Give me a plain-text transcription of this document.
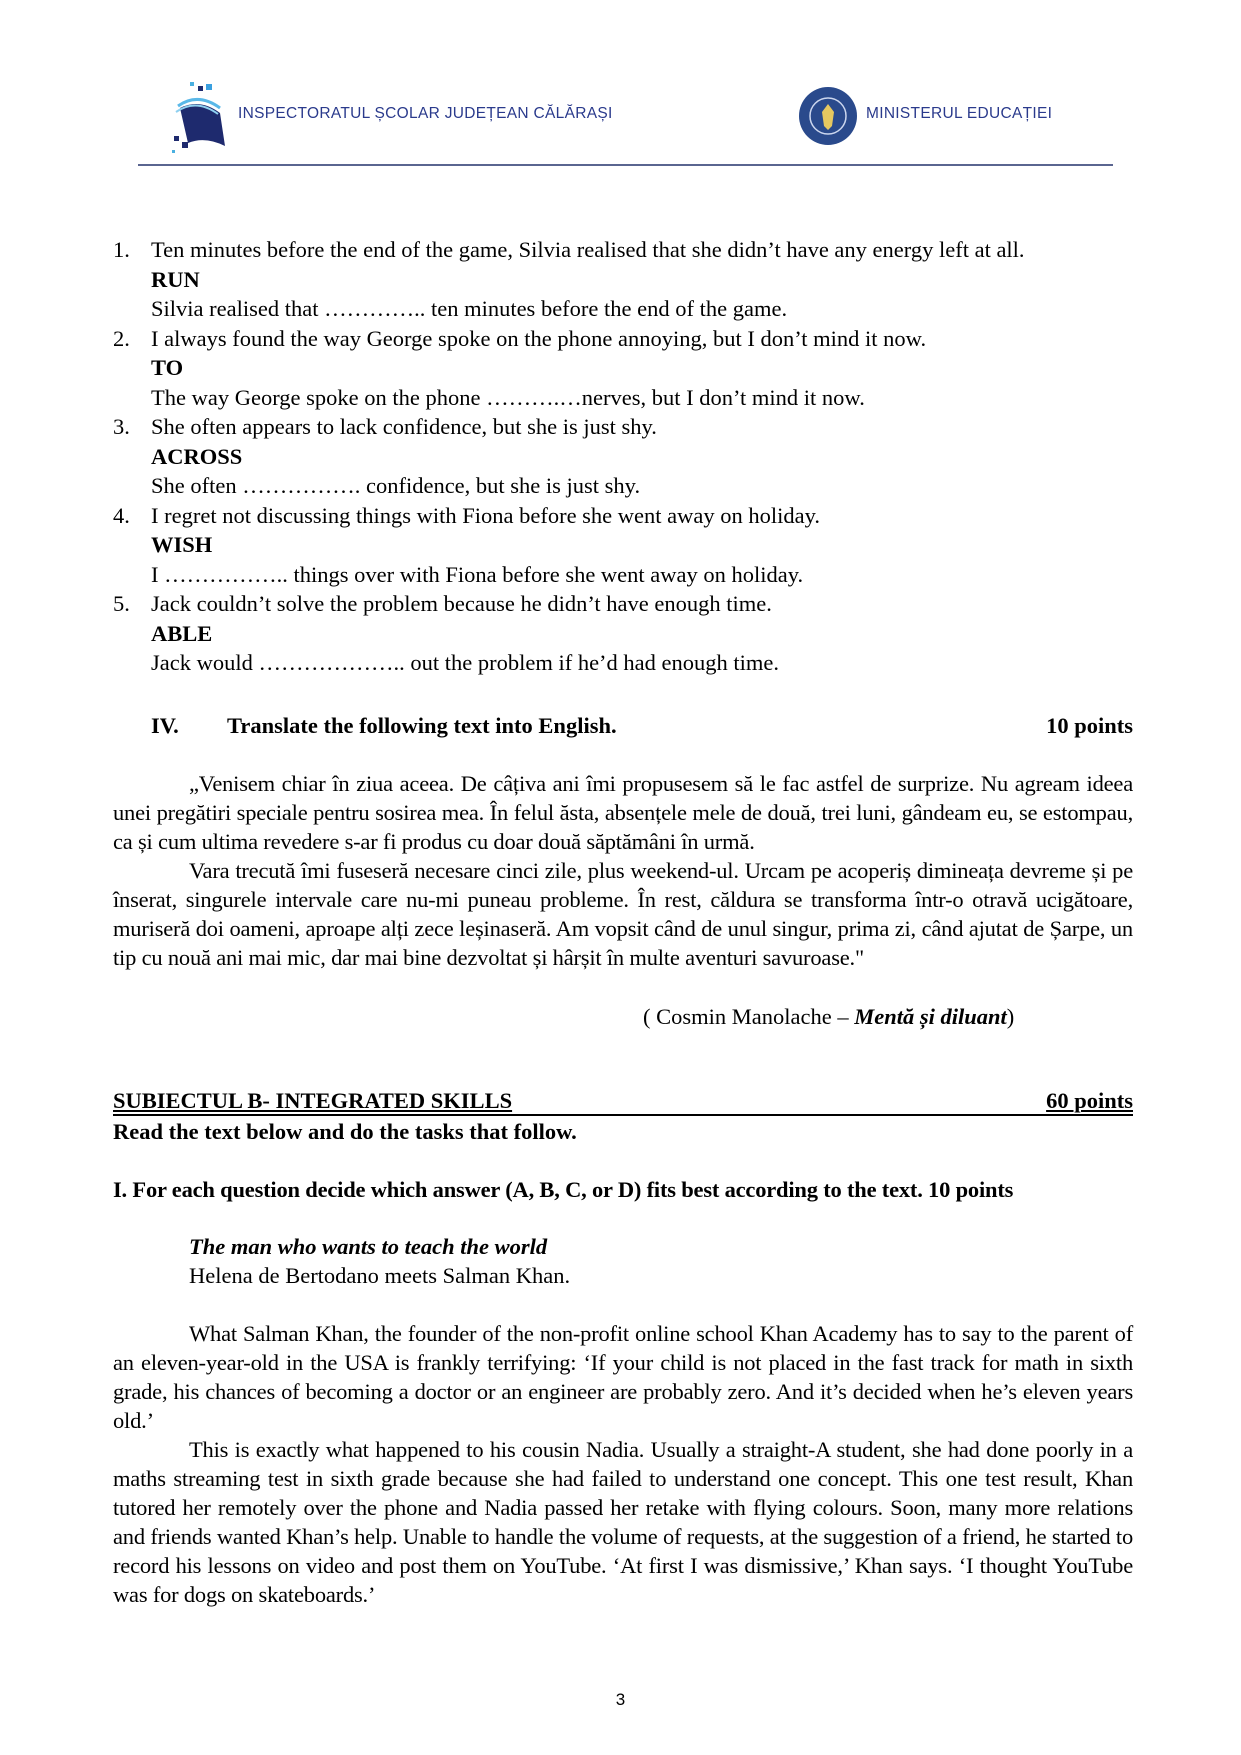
INSPECTORATUL ȘCOLAR JUDEȚEAN CĂLĂRAȘI	MINISTERUL EDUCAȚIEI
1. Ten minutes before the end of the game, Silvia realised that she didn’t have any energy left at all.
RUN
Silvia realised that ………….. ten minutes before the end of the game.
2. I always found the way George spoke on the phone annoying, but I don’t mind it now.
TO
The way George spoke on the phone ……….…nerves, but I don’t mind it now.
3. She often appears to lack confidence, but she is just shy.
ACROSS
She often ……………. confidence, but she is just shy.
4. I regret not discussing things with Fiona before she went away on holiday.
WISH
I …………….. things over with Fiona before she went away on holiday.
5. Jack couldn’t solve the problem because he didn’t have enough time.
ABLE
Jack would ……………….. out the problem if he’d had enough time.
IV. Translate the following text into English.	10 points

„Venisem chiar în ziua aceea. De câțiva ani îmi propusesem să le fac astfel de surprize. Nu agream ideea unei pregătiri speciale pentru sosirea mea. În felul ăsta, absențele mele de două, trei luni, gândeam eu, se estompau, ca și cum ultima revedere s-ar fi produs cu doar două săptămâni în urmă.

Vara trecută îmi fuseseră necesare cinci zile, plus weekend-ul. Urcam pe acoperiș dimineața devreme și pe înserat, singurele intervale care nu-mi puneau probleme. În rest, căldura se transforma într-o otravă ucigătoare, muriseră doi oameni, aproape alți zece leșinaseră. Am vopsit când de unul singur, prima zi, când ajutat de Șarpe, un tip cu nouă ani mai mic, dar mai bine dezvoltat și hârșit în multe aventuri savuroase."

( Cosmin Manolache – Mentă și diluant)
SUBIECTUL B- INTEGRATED SKILLS	60 points
Read the text below and do the tasks that follow.
I. For each question decide which answer (A, B, C, or D) fits best according to the text. 10 points
The man who wants to teach the world
Helena de Bertodano meets Salman Khan.

What Salman Khan, the founder of the non-profit online school Khan Academy has to say to the parent of an eleven-year-old in the USA is frankly terrifying: ‘If your child is not placed in the fast track for math in sixth grade, his chances of becoming a doctor or an engineer are probably zero. And it’s decided when he’s eleven years old.’

This is exactly what happened to his cousin Nadia. Usually a straight-A student, she had done poorly in a maths streaming test in sixth grade because she had failed to understand one concept. This one test result, Khan tutored her remotely over the phone and Nadia passed her retake with flying colours. Soon, many more relations and friends wanted Khan’s help. Unable to handle the volume of requests, at the suggestion of a friend, he started to record his lessons on video and post them on YouTube. ‘At first I was dismissive,’ Khan says. ‘I thought YouTube was for dogs on skateboards.’

3
